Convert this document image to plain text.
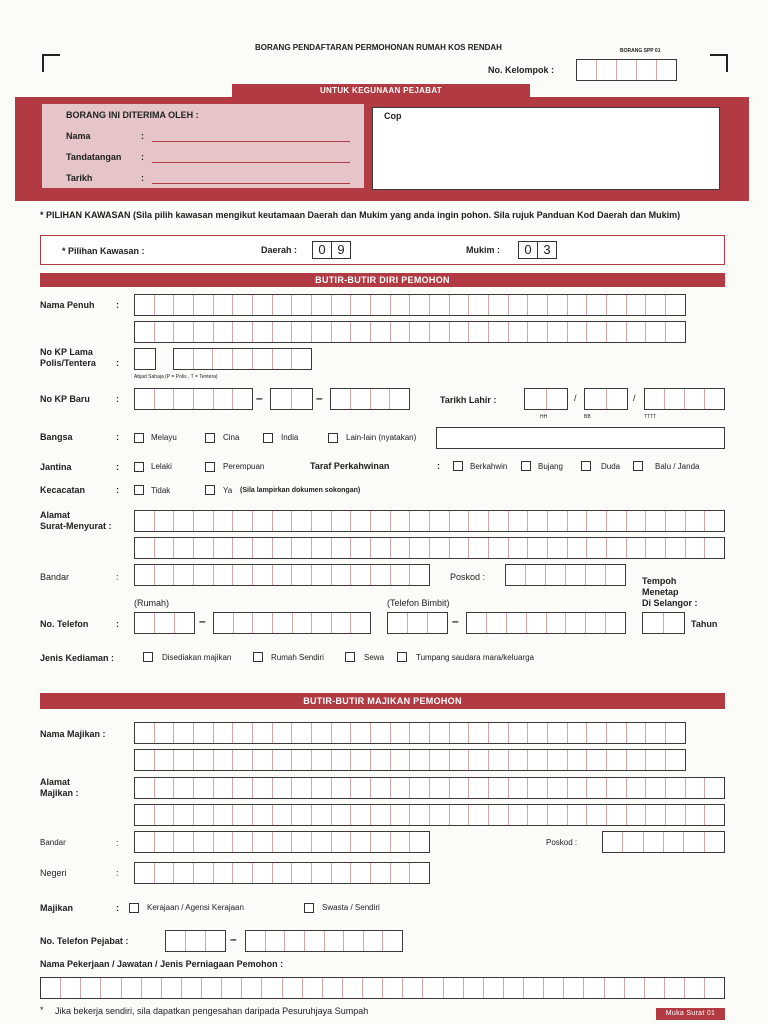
BORANG PENDAFTARAN PERMOHONAN RUMAH KOS RENDAH	BORANG SPP 01
No. Kelompok :
UNTUK KEGUNAAN PEJABAT
BORANG INI DITERIMA OLEH :
Nama	:
Tandatangan :
Tarikh	:
Cop
* PILIHAN KAWASAN (Sila pilih kawasan mengikut keutamaan Daerah dan Mukim yang anda ingin pohon. Sila rujuk Panduan Kod Daerah dan Mukim)
* Pilihan Kawasan :	Daerah :	0 9	Mukim :	0 3
BUTIR-BUTIR DIRI PEMOHON
Nama Penuh :
No KP Lama
Polis/Tentera :
Abjad Sahaja (P = Polis , T = Tentera)
No KP Baru	:	–	–	Tarikh Lahir :	/	/
HH	BB	TTTT
Bangsa	:	Melayu	Cina	India	Lain-lain (nyatakan)
Jantina	:	Lelaki	Perempuan	Taraf Perkahwinan	:	Berkahwin	Bujang	Duda	Balu / Janda
Kecacatan	:	Tidak	Ya (Sila lampirkan dokumen sokongan)
Alamat
Surat-Menyurat :
Bandar	:	Poskod :	Tempoh
Menetap
Di Selangor :
(Rumah)	(Telefon Bimbit)
No. Telefon	:	–	–	Tahun
Jenis Kediaman :	Disediakan majikan	Rumah Sendiri	Sewa	Tumpang saudara mara/keluarga
BUTIR-BUTIR MAJIKAN PEMOHON
Nama Majikan :
Alamat
Majikan :
Bandar	:	Poskod :
Negeri	:
Majikan	:	Kerajaan / Agensi Kerajaan	Swasta / Sendiri
No. Telefon Pejabat :	–
Nama Pekerjaan / Jawatan / Jenis Perniagaan Pemohon :
* Jika bekerja sendiri, sila dapatkan pengesahan daripada Pesuruhjaya Sumpah	Muka Surat 01
